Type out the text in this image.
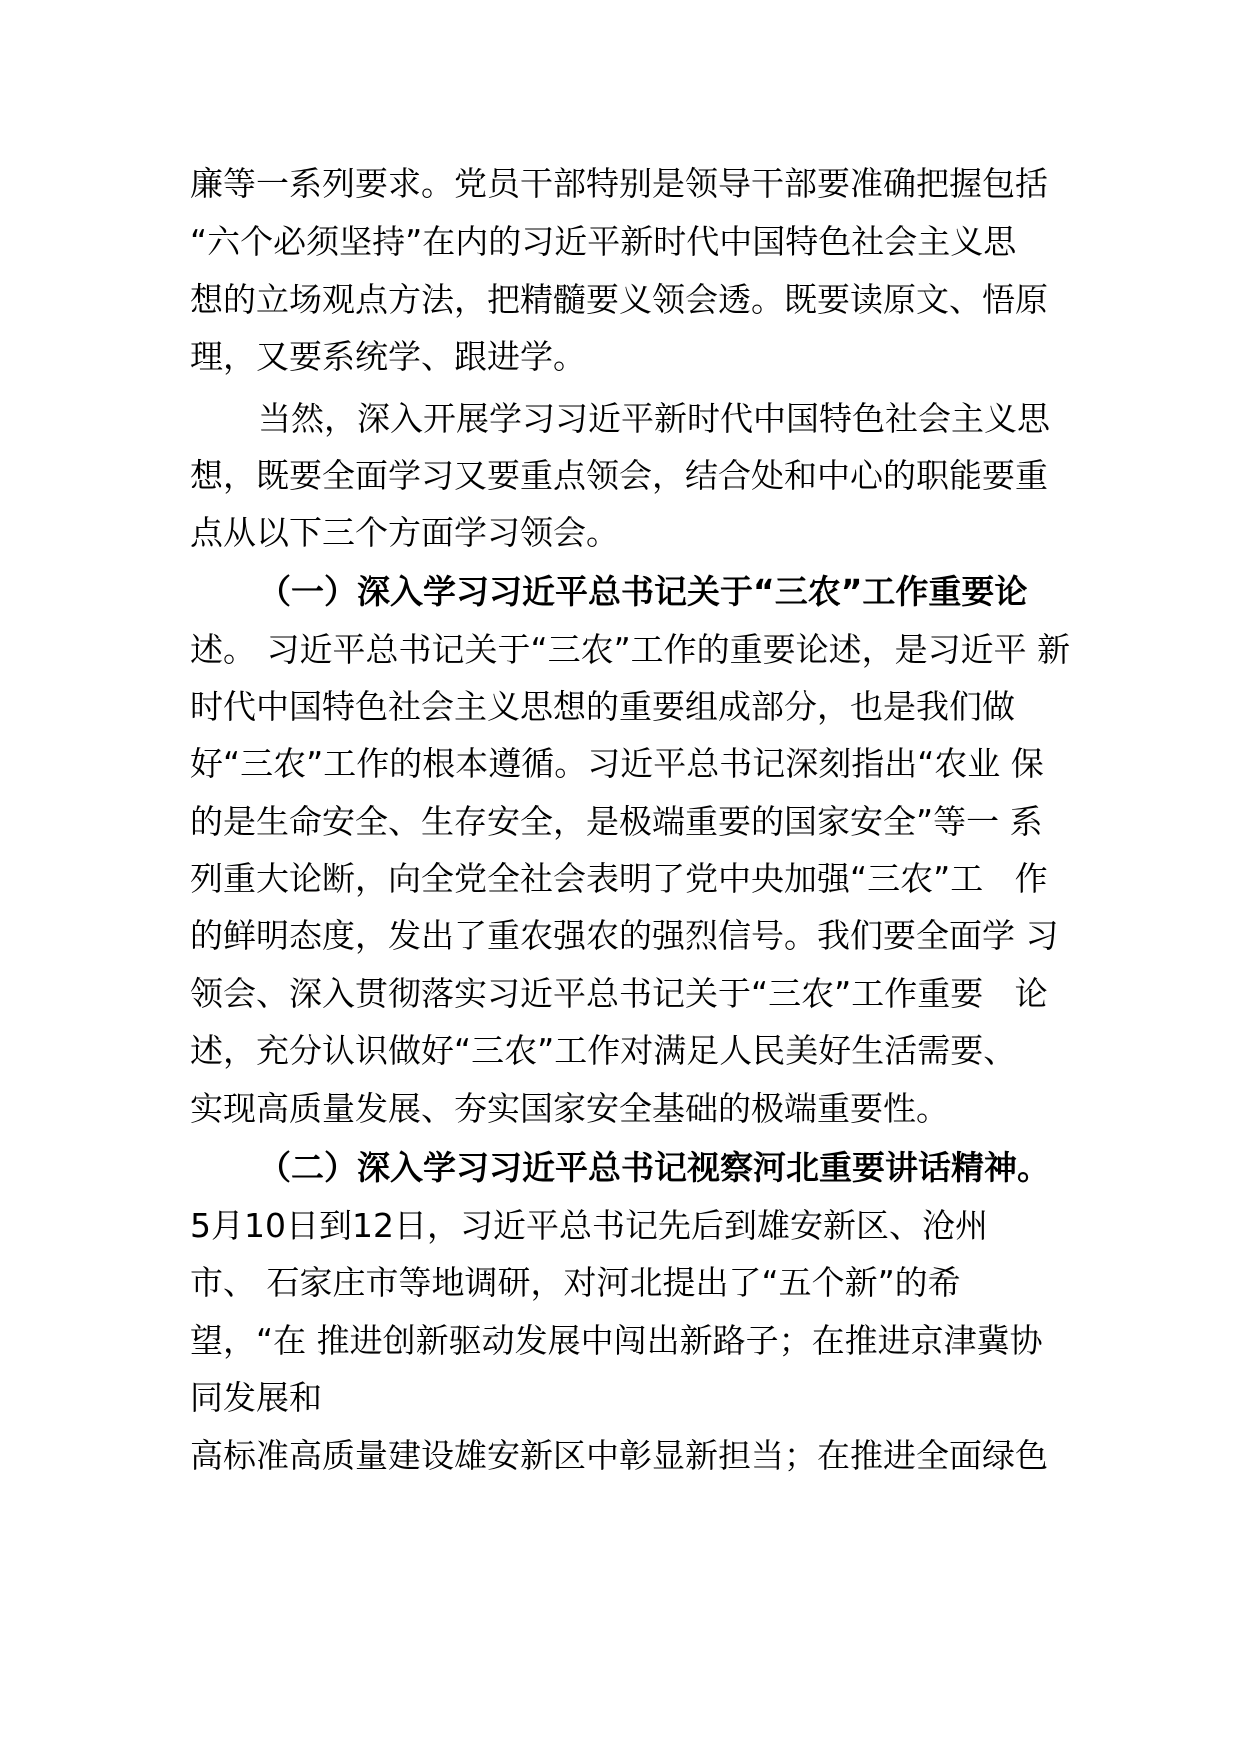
廉等一系列要求。党员干部特别是领导干部要准确把握包括
“六个必须坚持”在内的习近平新时代中国特色社会主义思
想的立场观点方法，把精髓要义领会透。既要读原文、悟原
理，又要系统学、跟进学。
当然，深入开展学习习近平新时代中国特色社会主义思
想，既要全面学习又要重点领会，结合处和中心的职能要重
点从以下三个方面学习领会。
（一）深入学习习近平总书记关于“三农”工作重要论
述。 习近平总书记关于“三农”工作的重要论述，是习近平 新
时代中国特色社会主义思想的重要组成部分，也是我们做
好“三农”工作的根本遵循。习近平总书记深刻指出“农业 保
的是生命安全、生存安全，是极端重要的国家安全”等一 系
列重大论断，向全党全社会表明了党中央加强“三农”工   作
的鲜明态度，发出了重农强农的强烈信号。我们要全面学 习
领会、深入贯彻落实习近平总书记关于“三农”工作重要   论
述，充分认识做好“三农”工作对满足人民美好生活需要、
实现高质量发展、夯实国家安全基础的极端重要性。
（二）深入学习习近平总书记视察河北重要讲话精神。
5月10日到12日，习近平总书记先后到雄安新区、沧州
市、 石家庄市等地调研，对河北提出了“五个新”的希
望，“在 推进创新驱动发展中闯出新路子；在推进京津冀协
同发展和
高标准高质量建设雄安新区中彰显新担当；在推进全面绿色
